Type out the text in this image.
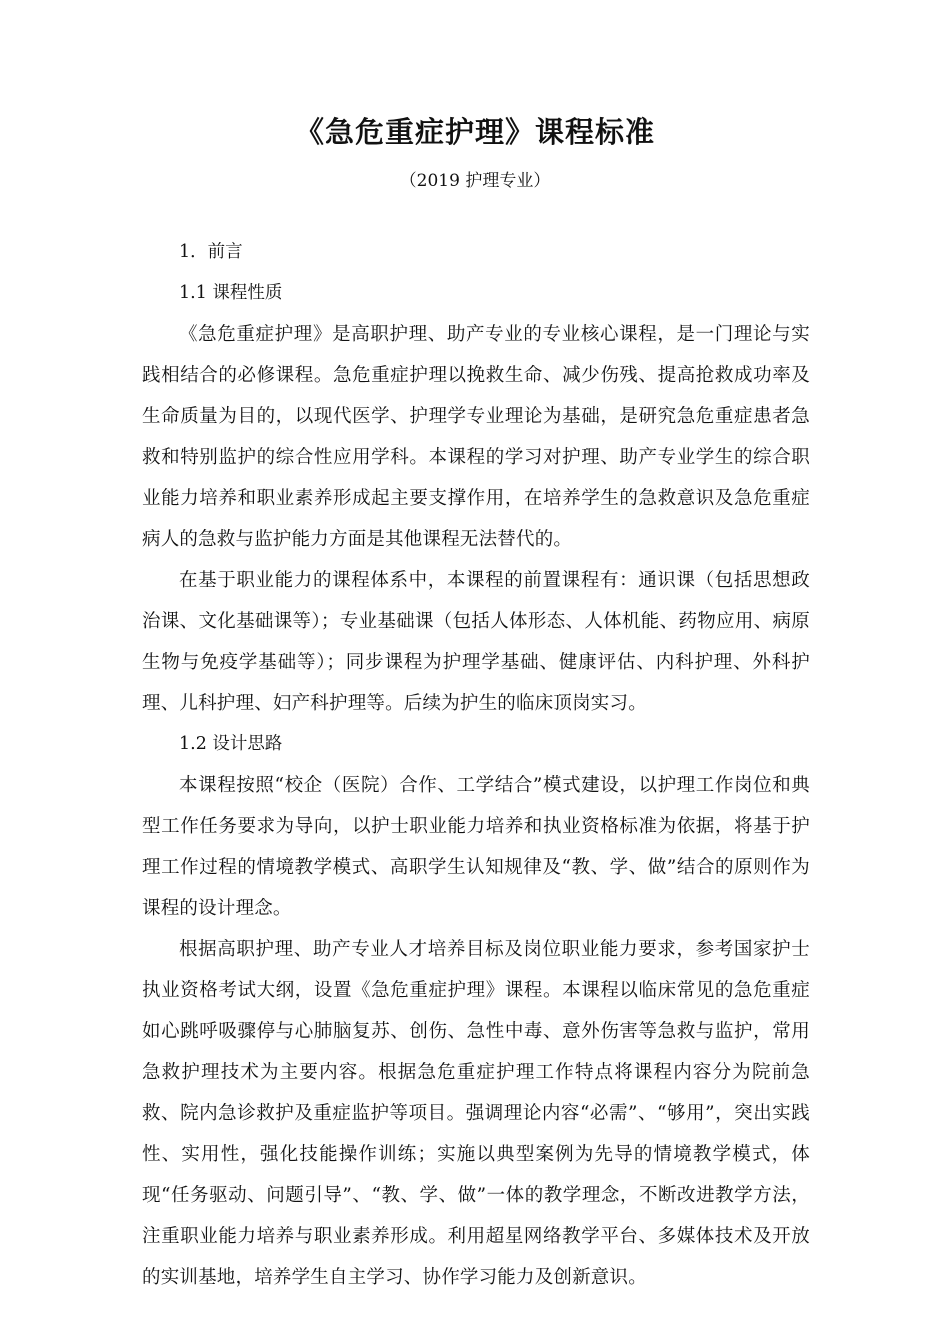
《急危重症护理》课程标准

（2019 护理专业）

1．前言
1.1 课程性质

《急危重症护理》是高职护理、助产专业的专业核心课程，是一门理论与实践相结合的必修课程。急危重症护理以挽救生命、减少伤残、提高抢救成功率及生命质量为目的，以现代医学、护理学专业理论为基础，是研究急危重症患者急救和特别监护的综合性应用学科。本课程的学习对护理、助产专业学生的综合职业能力培养和职业素养形成起主要支撑作用，在培养学生的急救意识及急危重症病人的急救与监护能力方面是其他课程无法替代的。

在基于职业能力的课程体系中，本课程的前置课程有：通识课（包括思想政治课、文化基础课等）；专业基础课（包括人体形态、人体机能、药物应用、病原生物与免疫学基础等）；同步课程为护理学基础、健康评估、内科护理、外科护理、儿科护理、妇产科护理等。后续为护生的临床顶岗实习。

1.2 设计思路

本课程按照“校企（医院）合作、工学结合”模式建设，以护理工作岗位和典型工作任务要求为导向，以护士职业能力培养和执业资格标准为依据，将基于护理工作过程的情境教学模式、高职学生认知规律及“教、学、做”结合的原则作为课程的设计理念。

根据高职护理、助产专业人才培养目标及岗位职业能力要求，参考国家护士执业资格考试大纲，设置《急危重症护理》课程。本课程以临床常见的急危重症如心跳呼吸骤停与心肺脑复苏、创伤、急性中毒、意外伤害等急救与监护，常用急救护理技术为主要内容。根据急危重症护理工作特点将课程内容分为院前急救、院内急诊救护及重症监护等项目。强调理论内容“必需”、“够用”，突出实践性、实用性，强化技能操作训练；实施以典型案例为先导的情境教学模式，体现“任务驱动、问题引导”、“教、学、做”一体的教学理念，不断改进教学方法，注重职业能力培养与职业素养形成。利用超星网络教学平台、多媒体技术及开放的实训基地，培养学生自主学习、协作学习能力及创新意识。
